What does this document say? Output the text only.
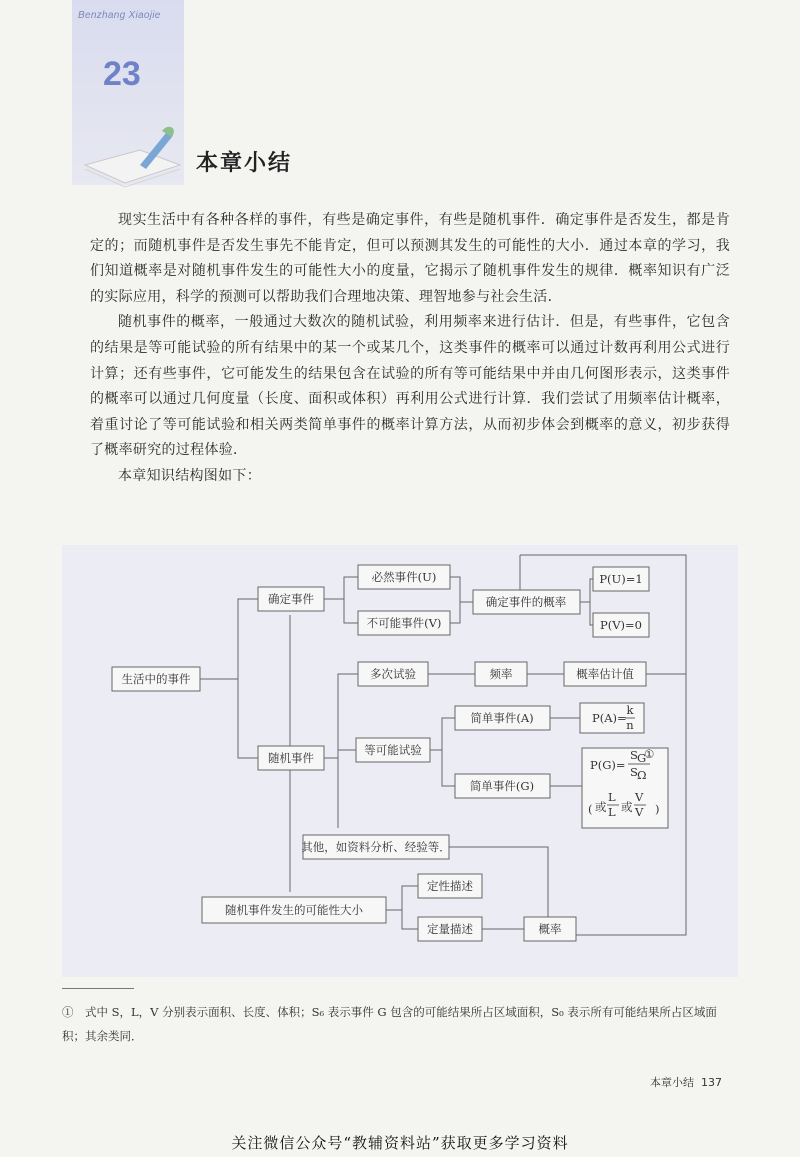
Benzhang Xiaojie
23
本章小结

现实生活中有各种各样的事件，有些是确定事件，有些是随机事件．确定事件是否发生，都是肯定的；而随机事件是否发生事先不能肯定，但可以预测其发生的可能性的大小．通过本章的学习，我们知道概率是对随机事件发生的可能性大小的度量，它揭示了随机事件发生的规律．概率知识有广泛的实际应用，科学的预测可以帮助我们合理地决策、理智地参与社会生活．

随机事件的概率，一般通过大数次的随机试验，利用频率来进行估计．但是，有些事件，它包含的结果是等可能试验的所有结果中的某一个或某几个，这类事件的概率可以通过计数再利用公式进行计算；还有些事件，它可能发生的结果包含在试验的所有等可能结果中并由几何图形表示，这类事件的概率可以通过几何度量（长度、面积或体积）再利用公式进行计算．我们尝试了用频率估计概率，着重讨论了等可能试验和相关两类简单事件的概率计算方法，从而初步体会到概率的意义，初步获得了概率研究的过程体验．

本章知识结构图如下：

生活中的事件
确定事件
随机事件
必然事件(U)
不可能事件(V)
确定事件的概率
P(U)=1
P(V)=0
多次试验	频率	概率估计值
等可能试验
简单事件(A)
简单事件(G)
P(A)=
k
n
P(G)=
S G
①
S Ω
( 或
L
L 或
V
V )
其他，如资料分析、经验等．
随机事件发生的可能性大小
定性描述
定量描述	概率
①　式中 S，L，V 分别表示面积、长度、体积；S₆ 表示事件 G 包含的可能结果所占区域面积，S₀ 表示所有可能结果所占区域面积；其余类同．
本章小结 137
关注微信公众号“教辅资料站”获取更多学习资料
